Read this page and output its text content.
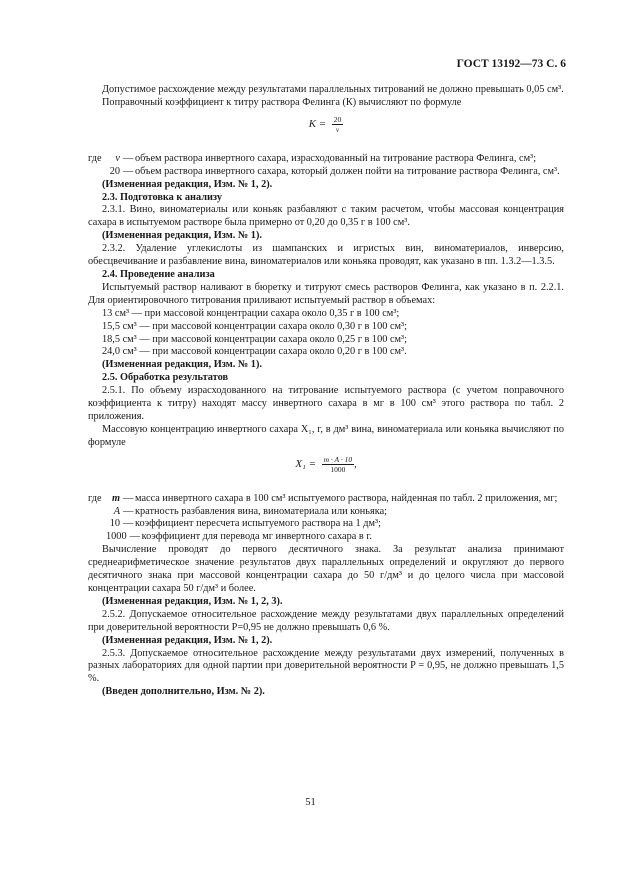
ГОСТ 13192—73 С. 6

Допустимое расхождение между результатами параллельных титрований не должно превышать 0,05 см³.

Поправочный коэффициент к титру раствора Фелинга (К) вычисляют по формуле

$K = \frac{20}{v}$
где	v — объем раствора инвертного сахара, израсходованный на титрование раствора Фелинга, см³;
20 — объем раствора инвертного сахара, который должен пойти на титрование раствора Фелинга, см³.

(Измененная редакция, Изм. № 1, 2).

2.3. Подготовка к анализу

2.3.1. Вино, виноматериалы или коньяк разбавляют с таким расчетом, чтобы массовая концентрация сахара в испытуемом растворе была примерно от 0,20 до 0,35 г в 100 см³.

(Измененная редакция, Изм. № 1).

2.3.2. Удаление углекислоты из шампанских и игристых вин, виноматериалов, инверсию, обесцвечивание и разбавление вина, виноматериалов или коньяка проводят, как указано в пп. 1.3.2—1.3.5.

2.4. Проведение анализа

Испытуемый раствор наливают в бюретку и титруют смесь растворов Фелинга, как указано в п. 2.2.1. Для ориентировочного титрования приливают испытуемый раствор в объемах:

13 см³ — при массовой концентрации сахара около 0,35 г в 100 см³;

15,5 см³ — при массовой концентрации сахара около 0,30 г в 100 см³;

18,5 см³ — при массовой концентрации сахара около 0,25 г в 100 см³;

24,0 см³ — при массовой концентрации сахара около 0,20 г в 100 см³.

(Измененная редакция, Изм. № 1).

2.5. Обработка результатов

2.5.1. По объему израсходованного на титрование испытуемого раствора (с учетом поправочного коэффициента к титру) находят массу инвертного сахара в мг в 100 см³ этого раствора по табл. 2 приложения.

Массовую концентрацию инвертного сахара X₁, г, в дм³ вина, виноматериала или коньяка вычисляют по формуле

$X_1 = \frac{m \cdot A \cdot 10}{1000}$ ,
где	m — масса инвертного сахара в 100 см³ испытуемого раствора, найденная по табл. 2 приложения, мг;
A — кратность разбавления вина, виноматериала или коньяка;
10 — коэффициент пересчета испытуемого раствора на 1 дм³;
1000 — коэффициент для перевода мг инвертного сахара в г.

Вычисление проводят до первого десятичного знака. За результат анализа принимают среднеарифметическое значение результатов двух параллельных определений и округляют до первого десятичного знака при массовой концентрации сахара до 50 г/дм³ и до целого числа при массовой концентрации сахара 50 г/дм³ и более.

(Измененная редакция, Изм. № 1, 2, 3).

2.5.2. Допускаемое относительное расхождение между результатами двух параллельных определений при доверительной вероятности P=0,95 не должно превышать 0,6 %.

(Измененная редакция, Изм. № 1, 2).

2.5.3. Допускаемое относительное расхождение между результатами двух измерений, полученных в разных лабораториях для одной партии при доверительной вероятности P = 0,95, не должно превышать 1,5 %.

(Введен дополнительно, Изм. № 2).

51
